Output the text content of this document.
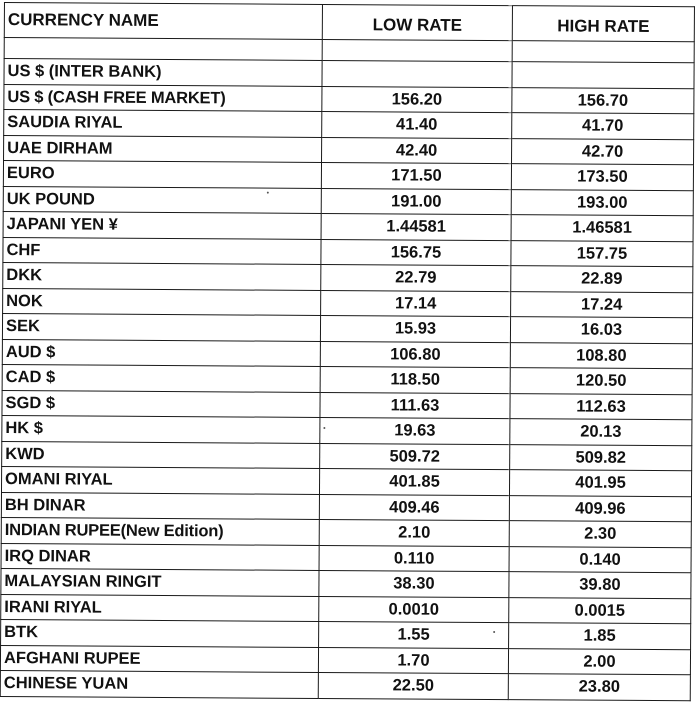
CURRENCY NAME	LOW RATE	HIGH RATE

US $ (INTER BANK)		
US $ (CASH FREE MARKET)	156.20	156.70
SAUDIA RIYAL	41.40	41.70
UAE DIRHAM	42.40	42.70
EURO	171.50	173.50
UK POUND	191.00	193.00
JAPANI YEN ¥	1.44581	1.46581
CHF	156.75	157.75
DKK	22.79	22.89
NOK	17.14	17.24
SEK	15.93	16.03
AUD $	106.80	108.80
CAD $	118.50	120.50
SGD $	111.63	112.63
HK $	19.63	20.13
KWD	509.72	509.82
OMANI RIYAL	401.85	401.95
BH DINAR	409.46	409.96
INDIAN RUPEE(New Edition)	2.10	2.30
IRQ DINAR	0.110	0.140
MALAYSIAN RINGIT	38.30	39.80
IRANI RIYAL	0.0010	0.0015
BTK	1.55	1.85
AFGHANI RUPEE	1.70	2.00
CHINESE YUAN	22.50	23.80
